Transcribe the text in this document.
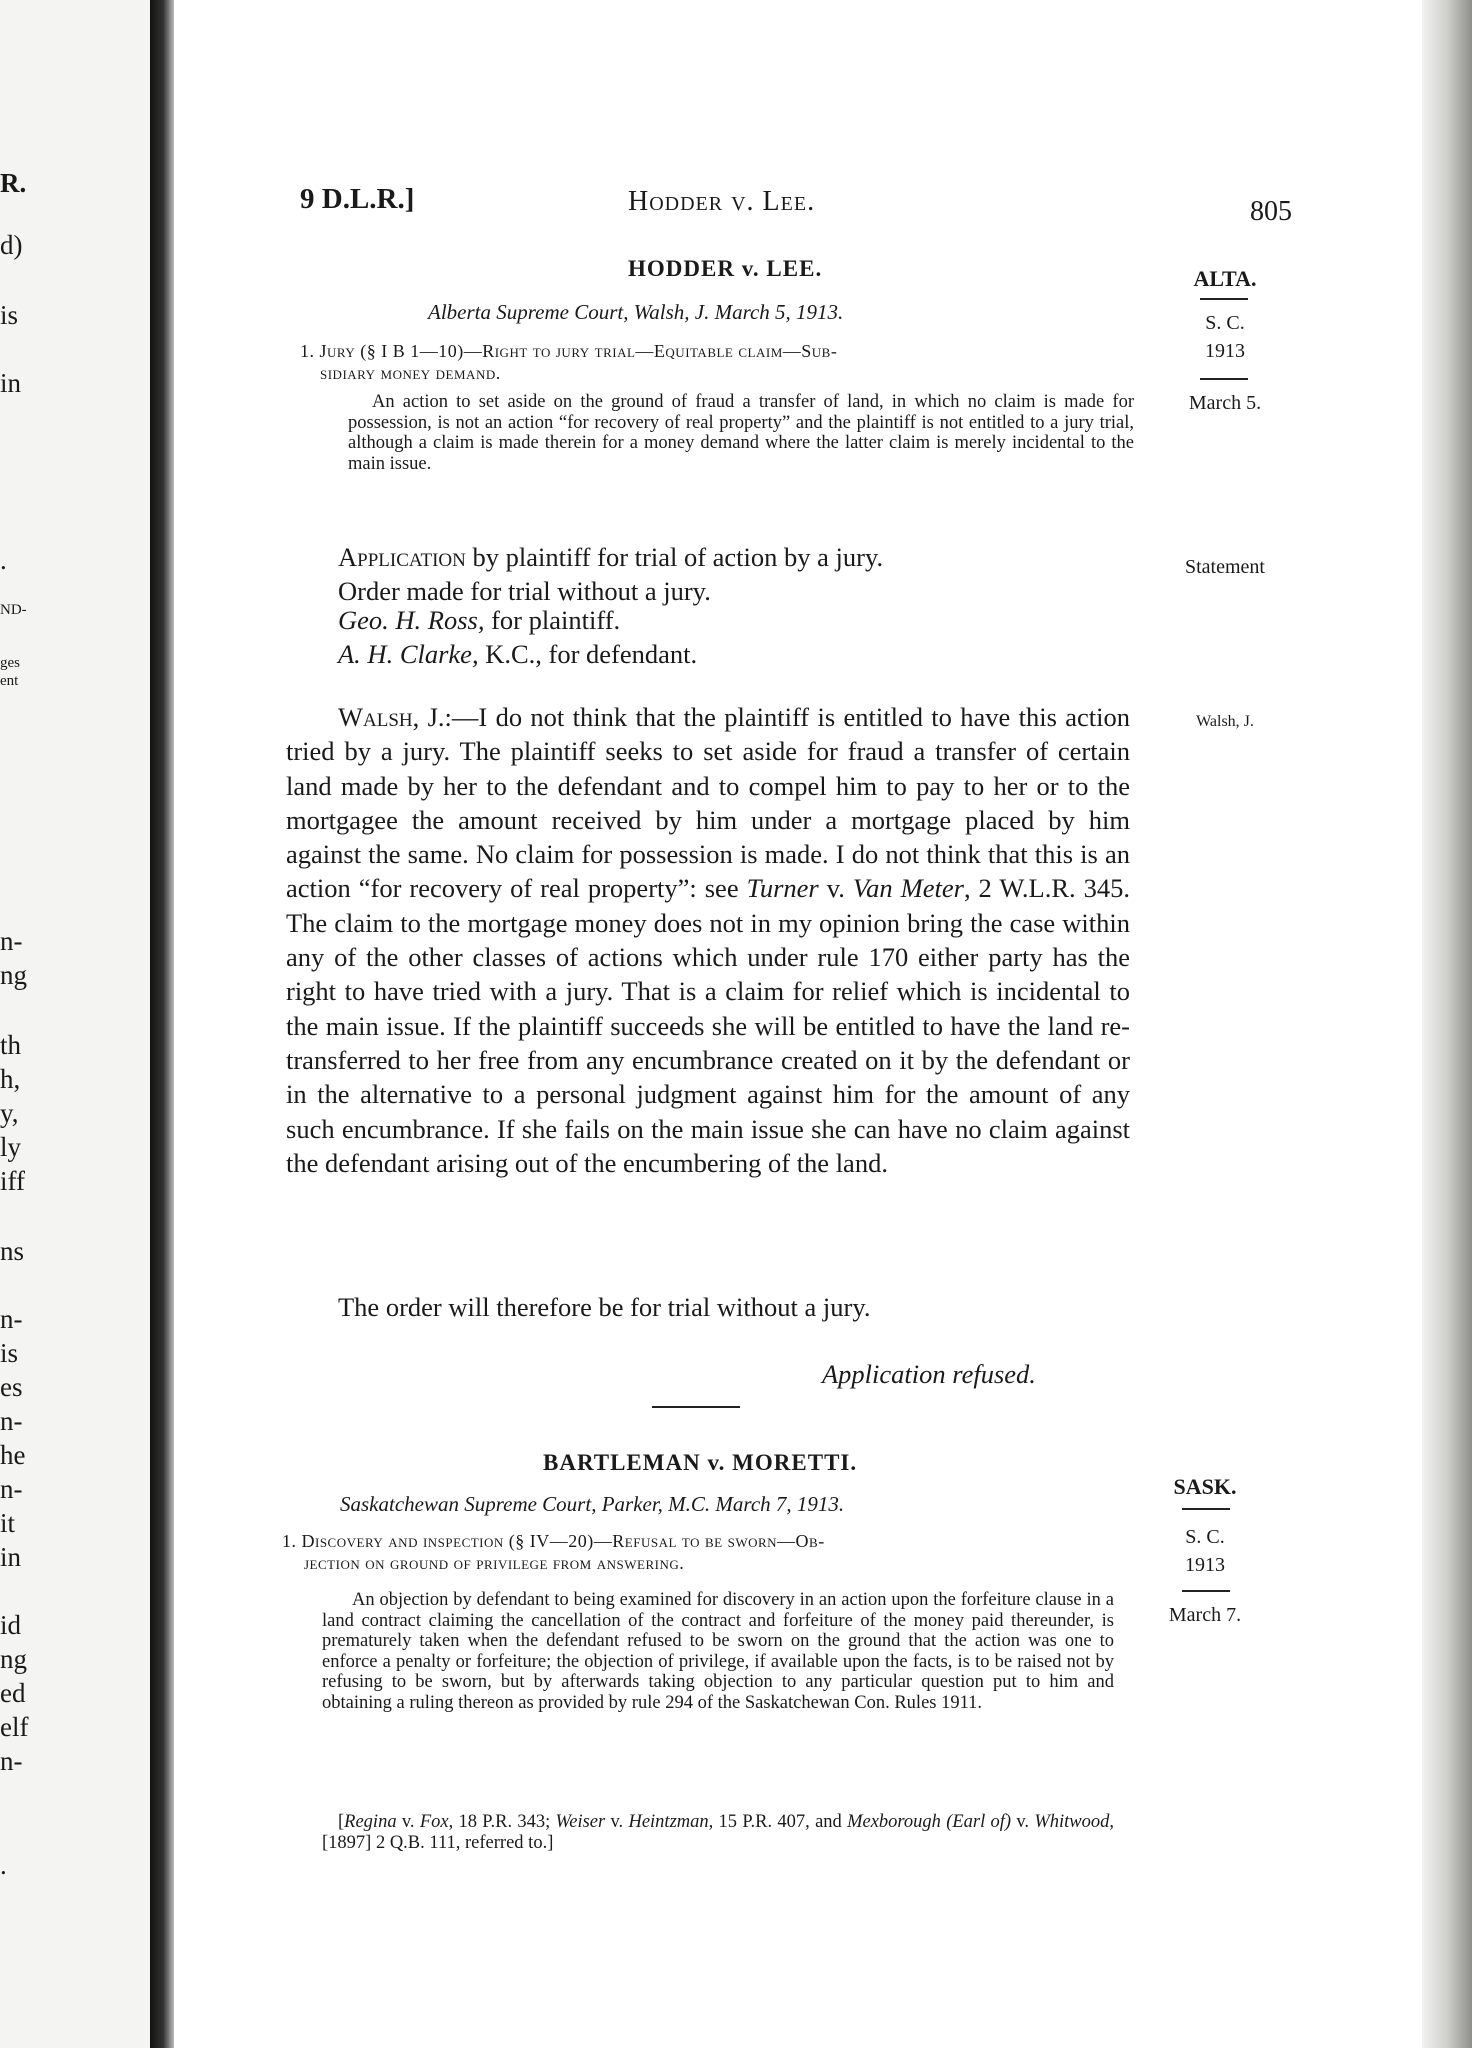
R.
d)
is
in
.
ND-
ges
ent
n-
ng
th
h,
y,
ly
iff
ns
n-
is
es
n-
he
n-
it
in
id
ng
ed
elf
n-
.
9 D.L.R.]	Hodder v. Lee.	805
HODDER v. LEE.
Alberta Supreme Court, Walsh, J. March 5, 1913.
1. Jury (§ I B 1—10)—Right to jury trial—Equitable claim—Sub-
sidiary money demand.
An action to set aside on the ground of fraud a transfer of land, in which no claim is made for possession, is not an action “for recovery of real property” and the plaintiff is not entitled to a jury trial, although a claim is made therein for a money demand where the latter claim is merely incidental to the main issue.
Application by plaintiff for trial of action by a jury.
Order made for trial without a jury.
Geo. H. Ross, for plaintiff.
A. H. Clarke, K.C., for defendant.
Walsh, J.:—I do not think that the plaintiff is entitled to have this action tried by a jury. The plaintiff seeks to set aside for fraud a transfer of certain land made by her to the defendant and to compel him to pay to her or to the mortgagee the amount received by him under a mortgage placed by him against the same. No claim for possession is made. I do not think that this is an action “for recovery of real property”: see Turner v. Van Meter, 2 W.L.R. 345. The claim to the mortgage money does not in my opinion bring the case within any of the other classes of actions which under rule 170 either party has the right to have tried with a jury. That is a claim for relief which is incidental to the main issue. If the plaintiff succeeds she will be entitled to have the land re-transferred to her free from any encumbrance created on it by the defendant or in the alternative to a personal judgment against him for the amount of any such encumbrance. If she fails on the main issue she can have no claim against the defendant arising out of the encumbering of the land.
The order will therefore be for trial without a jury.
Application refused.
ALTA.
S. C.
1913
March 5.
Statement
Walsh, J.
BARTLEMAN v. MORETTI.
Saskatchewan Supreme Court, Parker, M.C. March 7, 1913.
1. Discovery and inspection (§ IV—20)—Refusal to be sworn—Ob-
jection on ground of privilege from answering.
An objection by defendant to being examined for discovery in an action upon the forfeiture clause in a land contract claiming the cancellation of the contract and forfeiture of the money paid thereunder, is prematurely taken when the defendant refused to be sworn on the ground that the action was one to enforce a penalty or forfeiture; the objection of privilege, if available upon the facts, is to be raised not by refusing to be sworn, but by afterwards taking objection to any particular question put to him and obtaining a ruling thereon as provided by rule 294 of the Saskatchewan Con. Rules 1911.
[Regina v. Fox, 18 P.R. 343; Weiser v. Heintzman, 15 P.R. 407, and Mexborough (Earl of) v. Whitwood, [1897] 2 Q.B. 111, referred to.]
SASK.
S. C.
1913
March 7.
